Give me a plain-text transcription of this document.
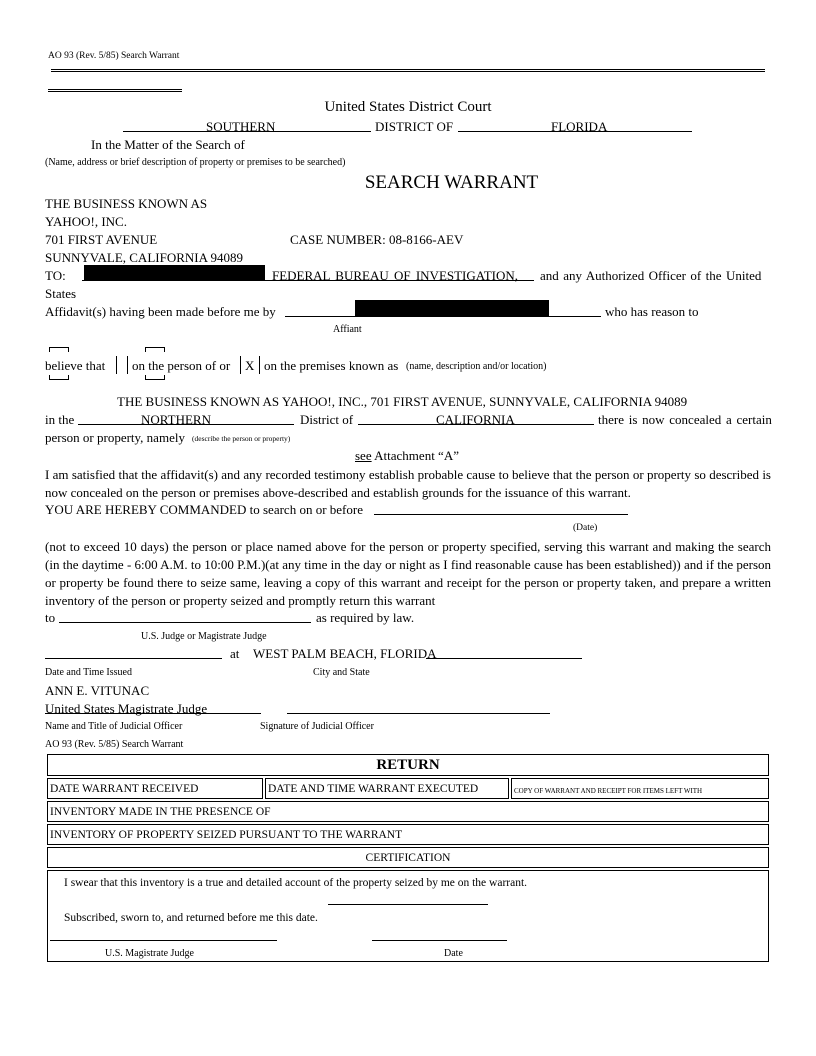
AO 93 (Rev. 5/85) Search Warrant
United States District Court
SOUTHERN	DISTRICT OF	FLORIDA
In the Matter of the Search of
(Name, address or brief description of property or premises to be searched)
SEARCH WARRANT
THE BUSINESS KNOWN AS
YAHOO!, INC.
701 FIRST AVENUE	CASE NUMBER: 08-8166-AEV
SUNNYVALE, CALIFORNIA 94089
TO:	FEDERAL BUREAU OF INVESTIGATION, and any Authorized Officer of the United
States
Affidavit(s) having been made before me by	who has reason to
Affiant
believe that on the person of or X on the premises known as (name, description and/or location)
THE BUSINESS KNOWN AS YAHOO!, INC., 701 FIRST AVENUE, SUNNYVALE, CALIFORNIA 94089
in the	NORTHERN	District of	CALIFORNIA	there is now concealed a certain
person or property, namely (describe the person or property)
see Attachment “A”
I am satisfied that the affidavit(s) and any recorded testimony establish probable cause to believe that the person or property so described is now concealed on the person or premises above-described and establish grounds for the issuance of this warrant.
YOU ARE HEREBY COMMANDED to search on or before
(Date)
(not to exceed 10 days) the person or place named above for the person or property specified, serving this warrant and making the search (in the daytime - 6:00 A.M. to 10:00 P.M.)(at any time in the day or night as I find reasonable cause has been established)) and if the person or property be found there to seize same, leaving a copy of this warrant and receipt for the person or property taken, and prepare a written inventory of the person or property seized and promptly return this warrant
to	as required by law.
U.S. Judge or Magistrate Judge
at WEST PALM BEACH, FLORIDA
Date and Time Issued	City and State
ANN E. VITUNAC
United States Magistrate Judge
Name and Title of Judicial Officer	Signature of Judicial Officer
AO 93 (Rev. 5/85) Search Warrant
RETURN
DATE WARRANT RECEIVED	DATE AND TIME WARRANT EXECUTED	COPY OF WARRANT AND RECEIPT FOR ITEMS LEFT WITH
INVENTORY MADE IN THE PRESENCE OF
INVENTORY OF PROPERTY SEIZED PURSUANT TO THE WARRANT
CERTIFICATION
I swear that this inventory is a true and detailed account of the property seized by me on the warrant.
Subscribed, sworn to, and returned before me this date.
U.S. Magistrate Judge	Date
